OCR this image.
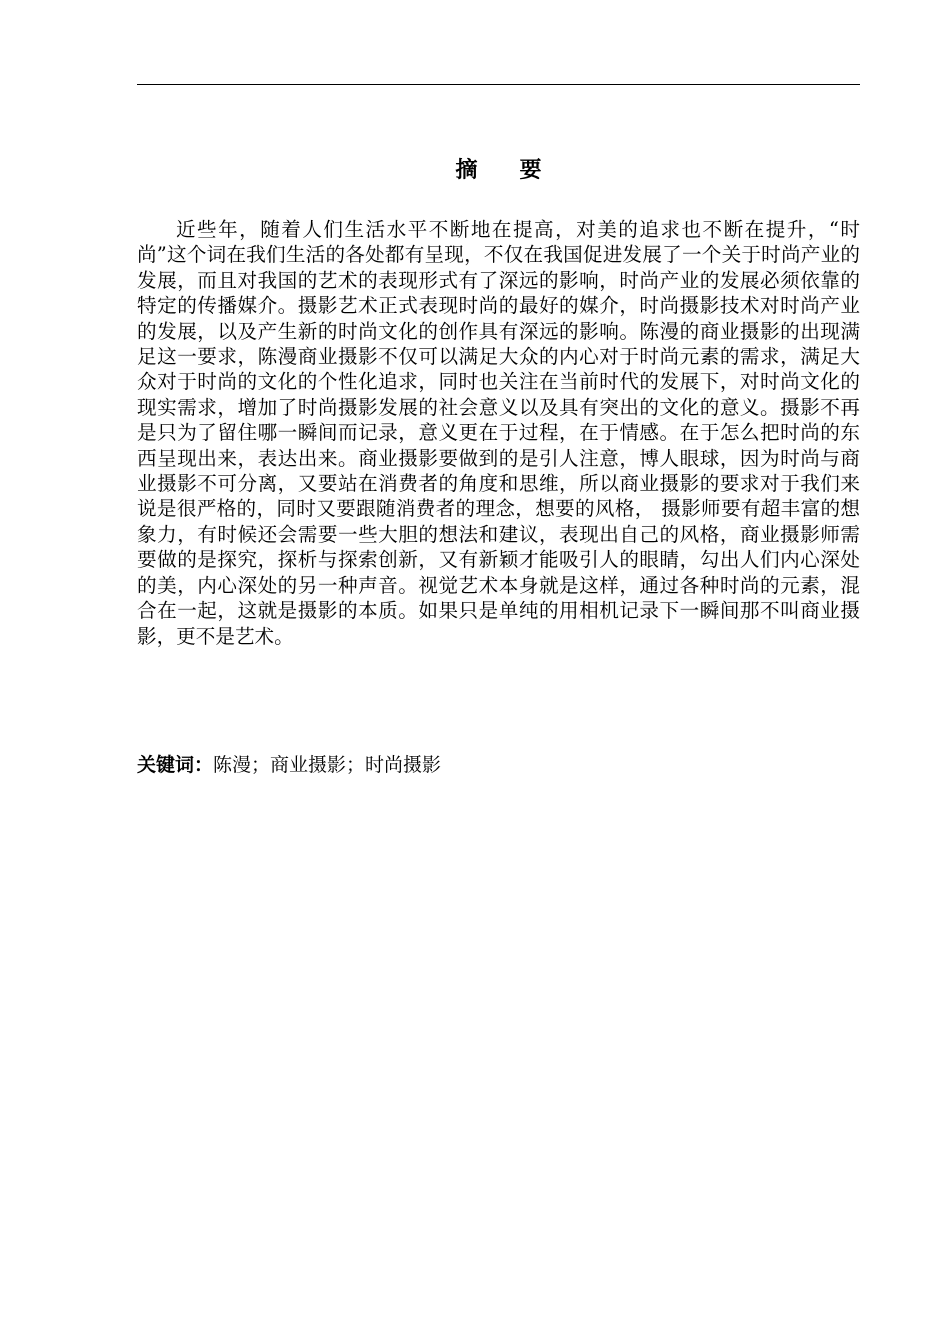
摘要

近些年，随着人们生活水平不断地在提高，对美的追求也不断在提升，“时尚”这个词在我们生活的各处都有呈现，不仅在我国促进发展了一个关于时尚产业的发展，而且对我国的艺术的表现形式有了深远的影响，时尚产业的发展必须依靠的特定的传播媒介。摄影艺术正式表现时尚的最好的媒介，时尚摄影技术对时尚产业的发展，以及产生新的时尚文化的创作具有深远的影响。陈漫的商业摄影的出现满足这一要求，陈漫商业摄影不仅可以满足大众的内心对于时尚元素的需求，满足大众对于时尚的文化的个性化追求，同时也关注在当前时代的发展下，对时尚文化的现实需求，增加了时尚摄影发展的社会意义以及具有突出的文化的意义。摄影不再是只为了留住哪一瞬间而记录，意义更在于过程，在于情感。在于怎么把时尚的东西呈现出来，表达出来。商业摄影要做到的是引人注意，博人眼球，因为时尚与商业摄影不可分离，又要站在消费者的角度和思维，所以商业摄影的要求对于我们来说是很严格的，同时又要跟随消费者的理念，想要的风格， 摄影师要有超丰富的想象力，有时候还会需要一些大胆的想法和建议，表现出自己的风格，商业摄影师需要做的是探究，探析与探索创新，又有新颖才能吸引人的眼睛，勾出人们内心深处的美，内心深处的另一种声音。视觉艺术本身就是这样，通过各种时尚的元素，混合在一起，这就是摄影的本质。如果只是单纯的用相机记录下一瞬间那不叫商业摄影，更不是艺术。

关键词：陈漫；商业摄影；时尚摄影
